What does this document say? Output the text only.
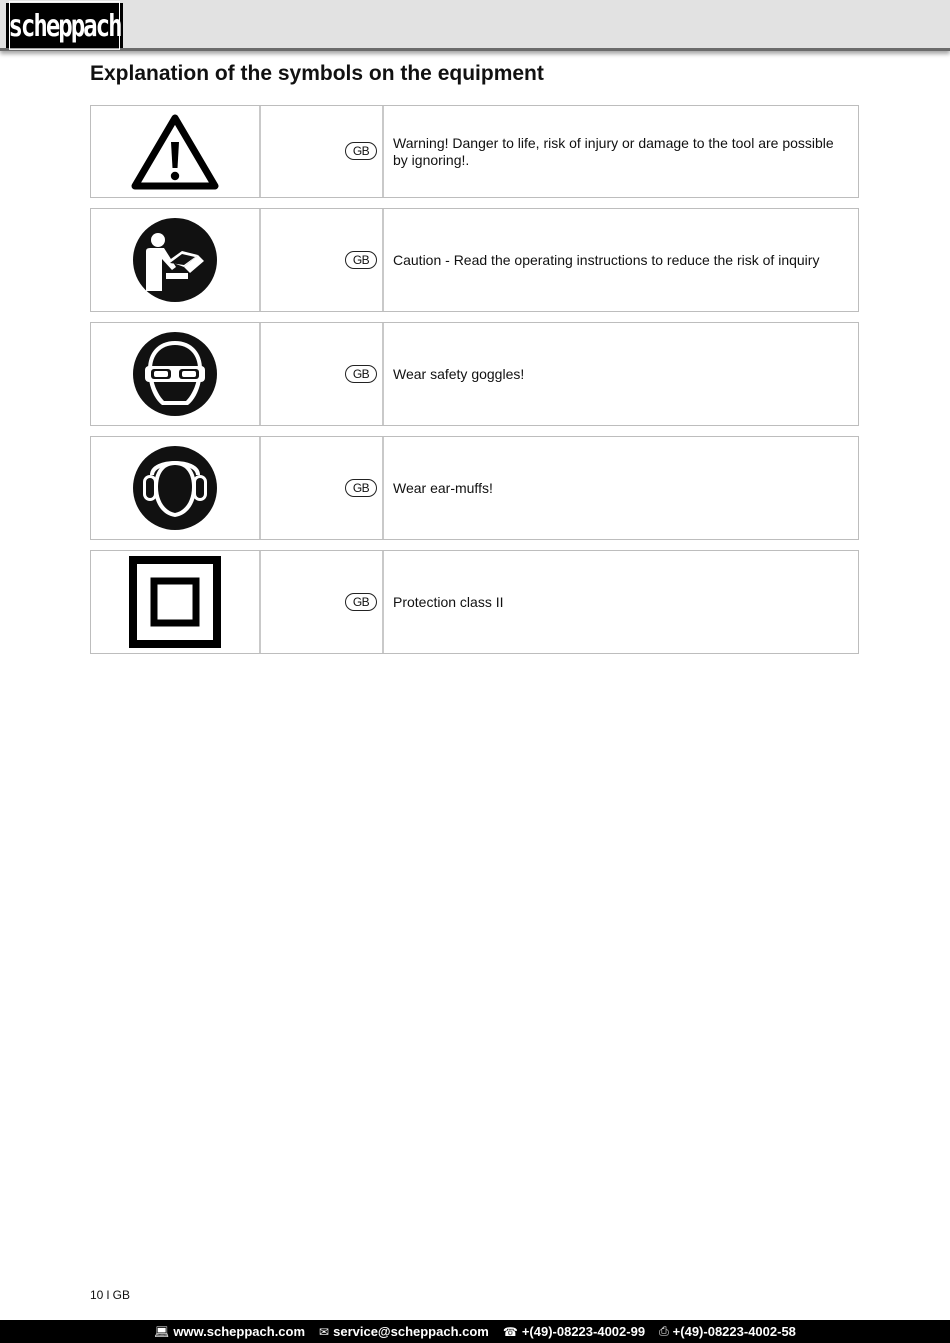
scheppach
Explanation of the symbols on the equipment
GB	Warning! Danger to life, risk of injury or damage to the tool are possible by ignoring!.
GB	Caution - Read the operating instructions to reduce the risk of inquiry
GB	Wear safety goggles!
GB	Wear ear-muffs!
GB	Protection class II
10 l GB
💻︎ www.scheppach.com ✉︎ service@scheppach.com ☎ +(49)-08223-4002-99 ⎙ +(49)-08223-4002-58
